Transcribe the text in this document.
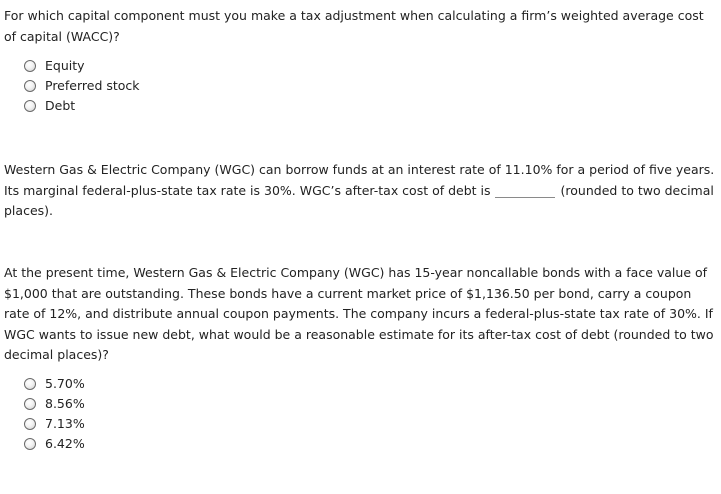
For which capital component must you make a tax adjustment when calculating a firm’s weighted average cost of capital (WACC)?

Equity
Preferred stock
Debt

Western Gas & Electric Company (WGC) can borrow funds at an interest rate of 11.10% for a period of five years. Its marginal federal-plus-state tax rate is 30%. WGC’s after-tax cost of debt is	(rounded to two decimal places).

At the present time, Western Gas & Electric Company (WGC) has 15-year noncallable bonds with a face value of $1,000 that are outstanding. These bonds have a current market price of $1,136.50 per bond, carry a coupon rate of 12%, and distribute annual coupon payments. The company incurs a federal-plus-state tax rate of 30%. If WGC wants to issue new debt, what would be a reasonable estimate for its after-tax cost of debt (rounded to two decimal places)?

5.70%
8.56%
7.13%
6.42%
